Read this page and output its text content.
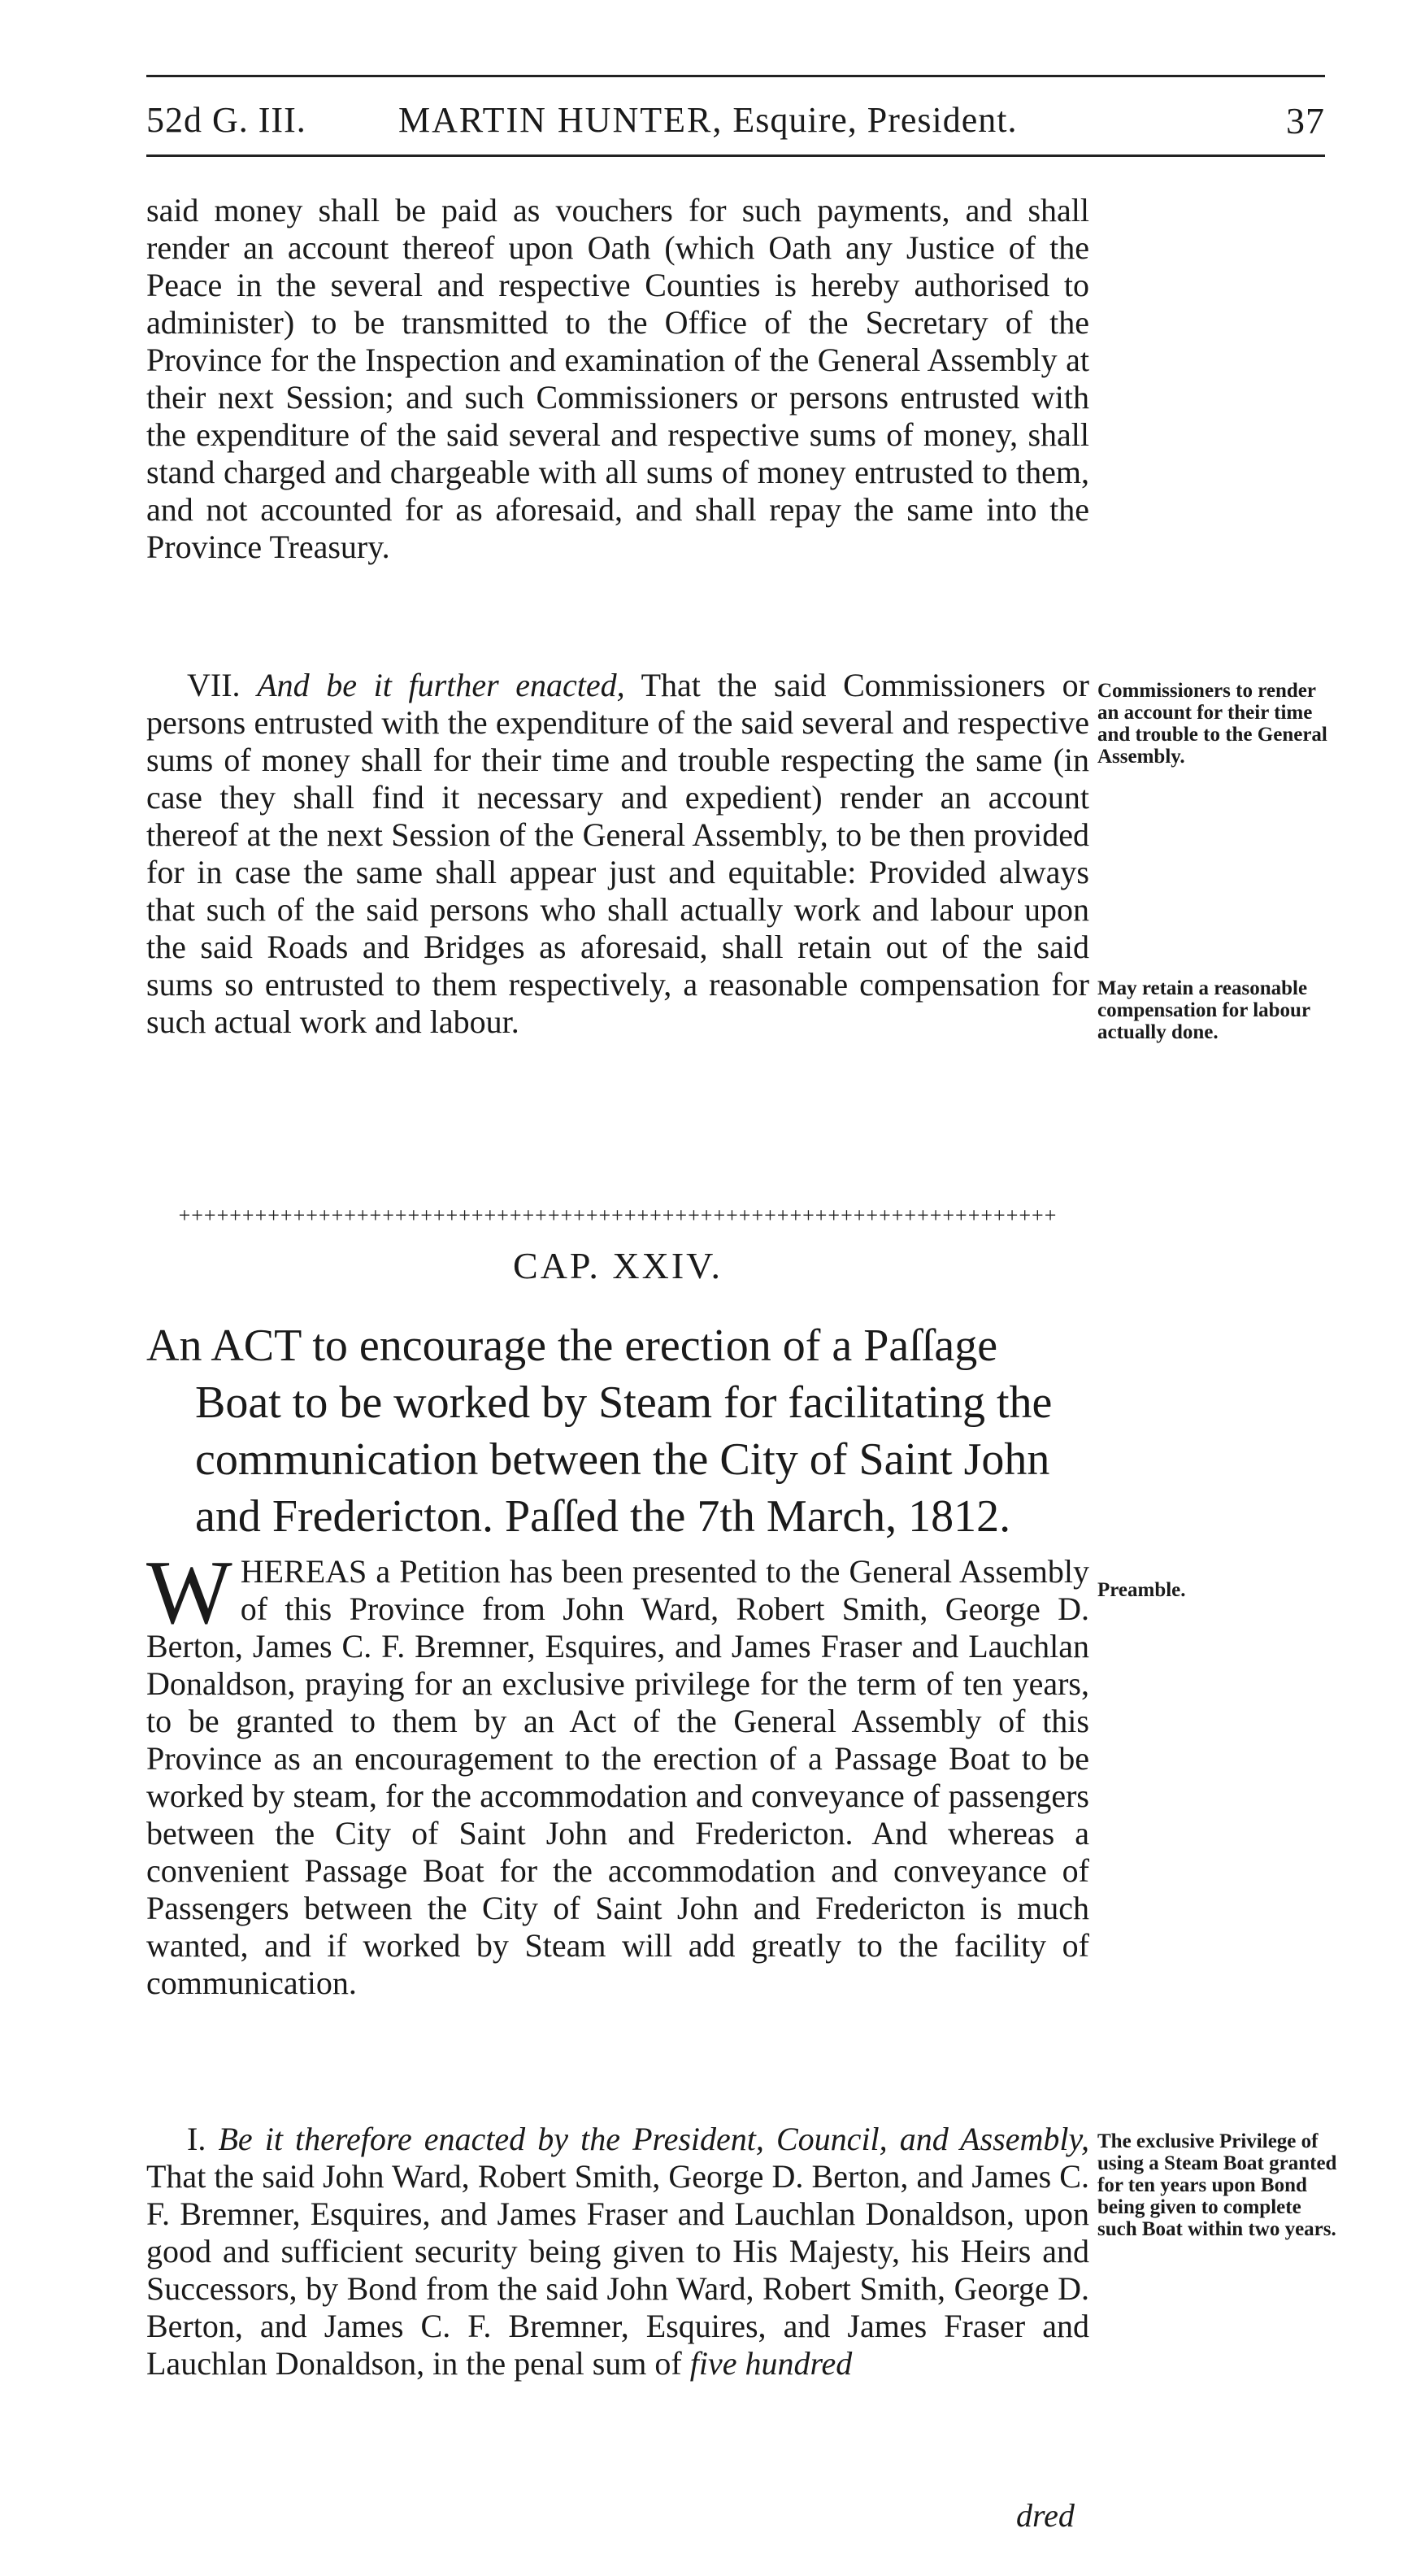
52d G. III.	MARTIN HUNTER, Esquire, President.	37

said money shall be paid as vouchers for such payments, and shall render an account thereof upon Oath (which Oath any Justice of the Peace in the several and respective Counties is hereby authorised to administer) to be transmitted to the Office of the Secretary of the Province for the Inspection and examination of the General Assembly at their next Session; and such Commissioners or persons entrusted with the expenditure of the said several and respective sums of money, shall stand charged and chargeable with all sums of money entrusted to them, and not accounted for as aforesaid, and shall repay the same into the Province Treasury.

VII. And be it further enacted, That the said Commissioners or persons entrusted with the expenditure of the said several and respective sums of money shall for their time and trouble respecting the same (in case they shall find it necessary and expedient) render an account thereof at the next Session of the General Assembly, to be then provided for in case the same shall appear just and equitable: Provided always that such of the said persons who shall actually work and labour upon the said Roads and Bridges as aforesaid, shall retain out of the said sums so entrusted to them respectively, a reasonable compensation for such actual work and labour.

Commissioners to render an account for their time and trouble to the General Assembly.
May retain a reasonable compensation for labour actually done.
+++++++++++++++++++++++++++++++++++++++++++++++++++++++++++++++++++++
CAP. XXIV.
An ACT to encourage the erection of a Paſſage
Boat to be worked by Steam for facilitating the communication between the City of Saint John and Fredericton. Paſſed the 7th March, 1812.

WHEREAS a Petition has been presented to the General Assembly of this Province from John Ward, Robert Smith, George D. Berton, James C. F. Bremner, Esquires, and James Fraser and Lauchlan Donaldson, praying for an exclusive privilege for the term of ten years, to be granted to them by an Act of the General Assembly of this Province as an encouragement to the erection of a Passage Boat to be worked by steam, for the accommodation and conveyance of passengers between the City of Saint John and Fredericton. And whereas a convenient Passage Boat for the accommodation and conveyance of Passengers between the City of Saint John and Fredericton is much wanted, and if worked by Steam will add greatly to the facility of communication.

Preamble.

I. Be it therefore enacted by the President, Council, and Assembly, That the said John Ward, Robert Smith, George D. Berton, and James C. F. Bremner, Esquires, and James Fraser and Lauchlan Donaldson, upon good and sufficient security being given to His Majesty, his Heirs and Successors, by Bond from the said John Ward, Robert Smith, George D. Berton, and James C. F. Bremner, Esquires, and James Fraser and Lauchlan Donaldson, in the penal sum of five hundred

The exclusive Privilege of using a Steam Boat granted for ten years upon Bond being given to complete such Boat within two years.
dred
